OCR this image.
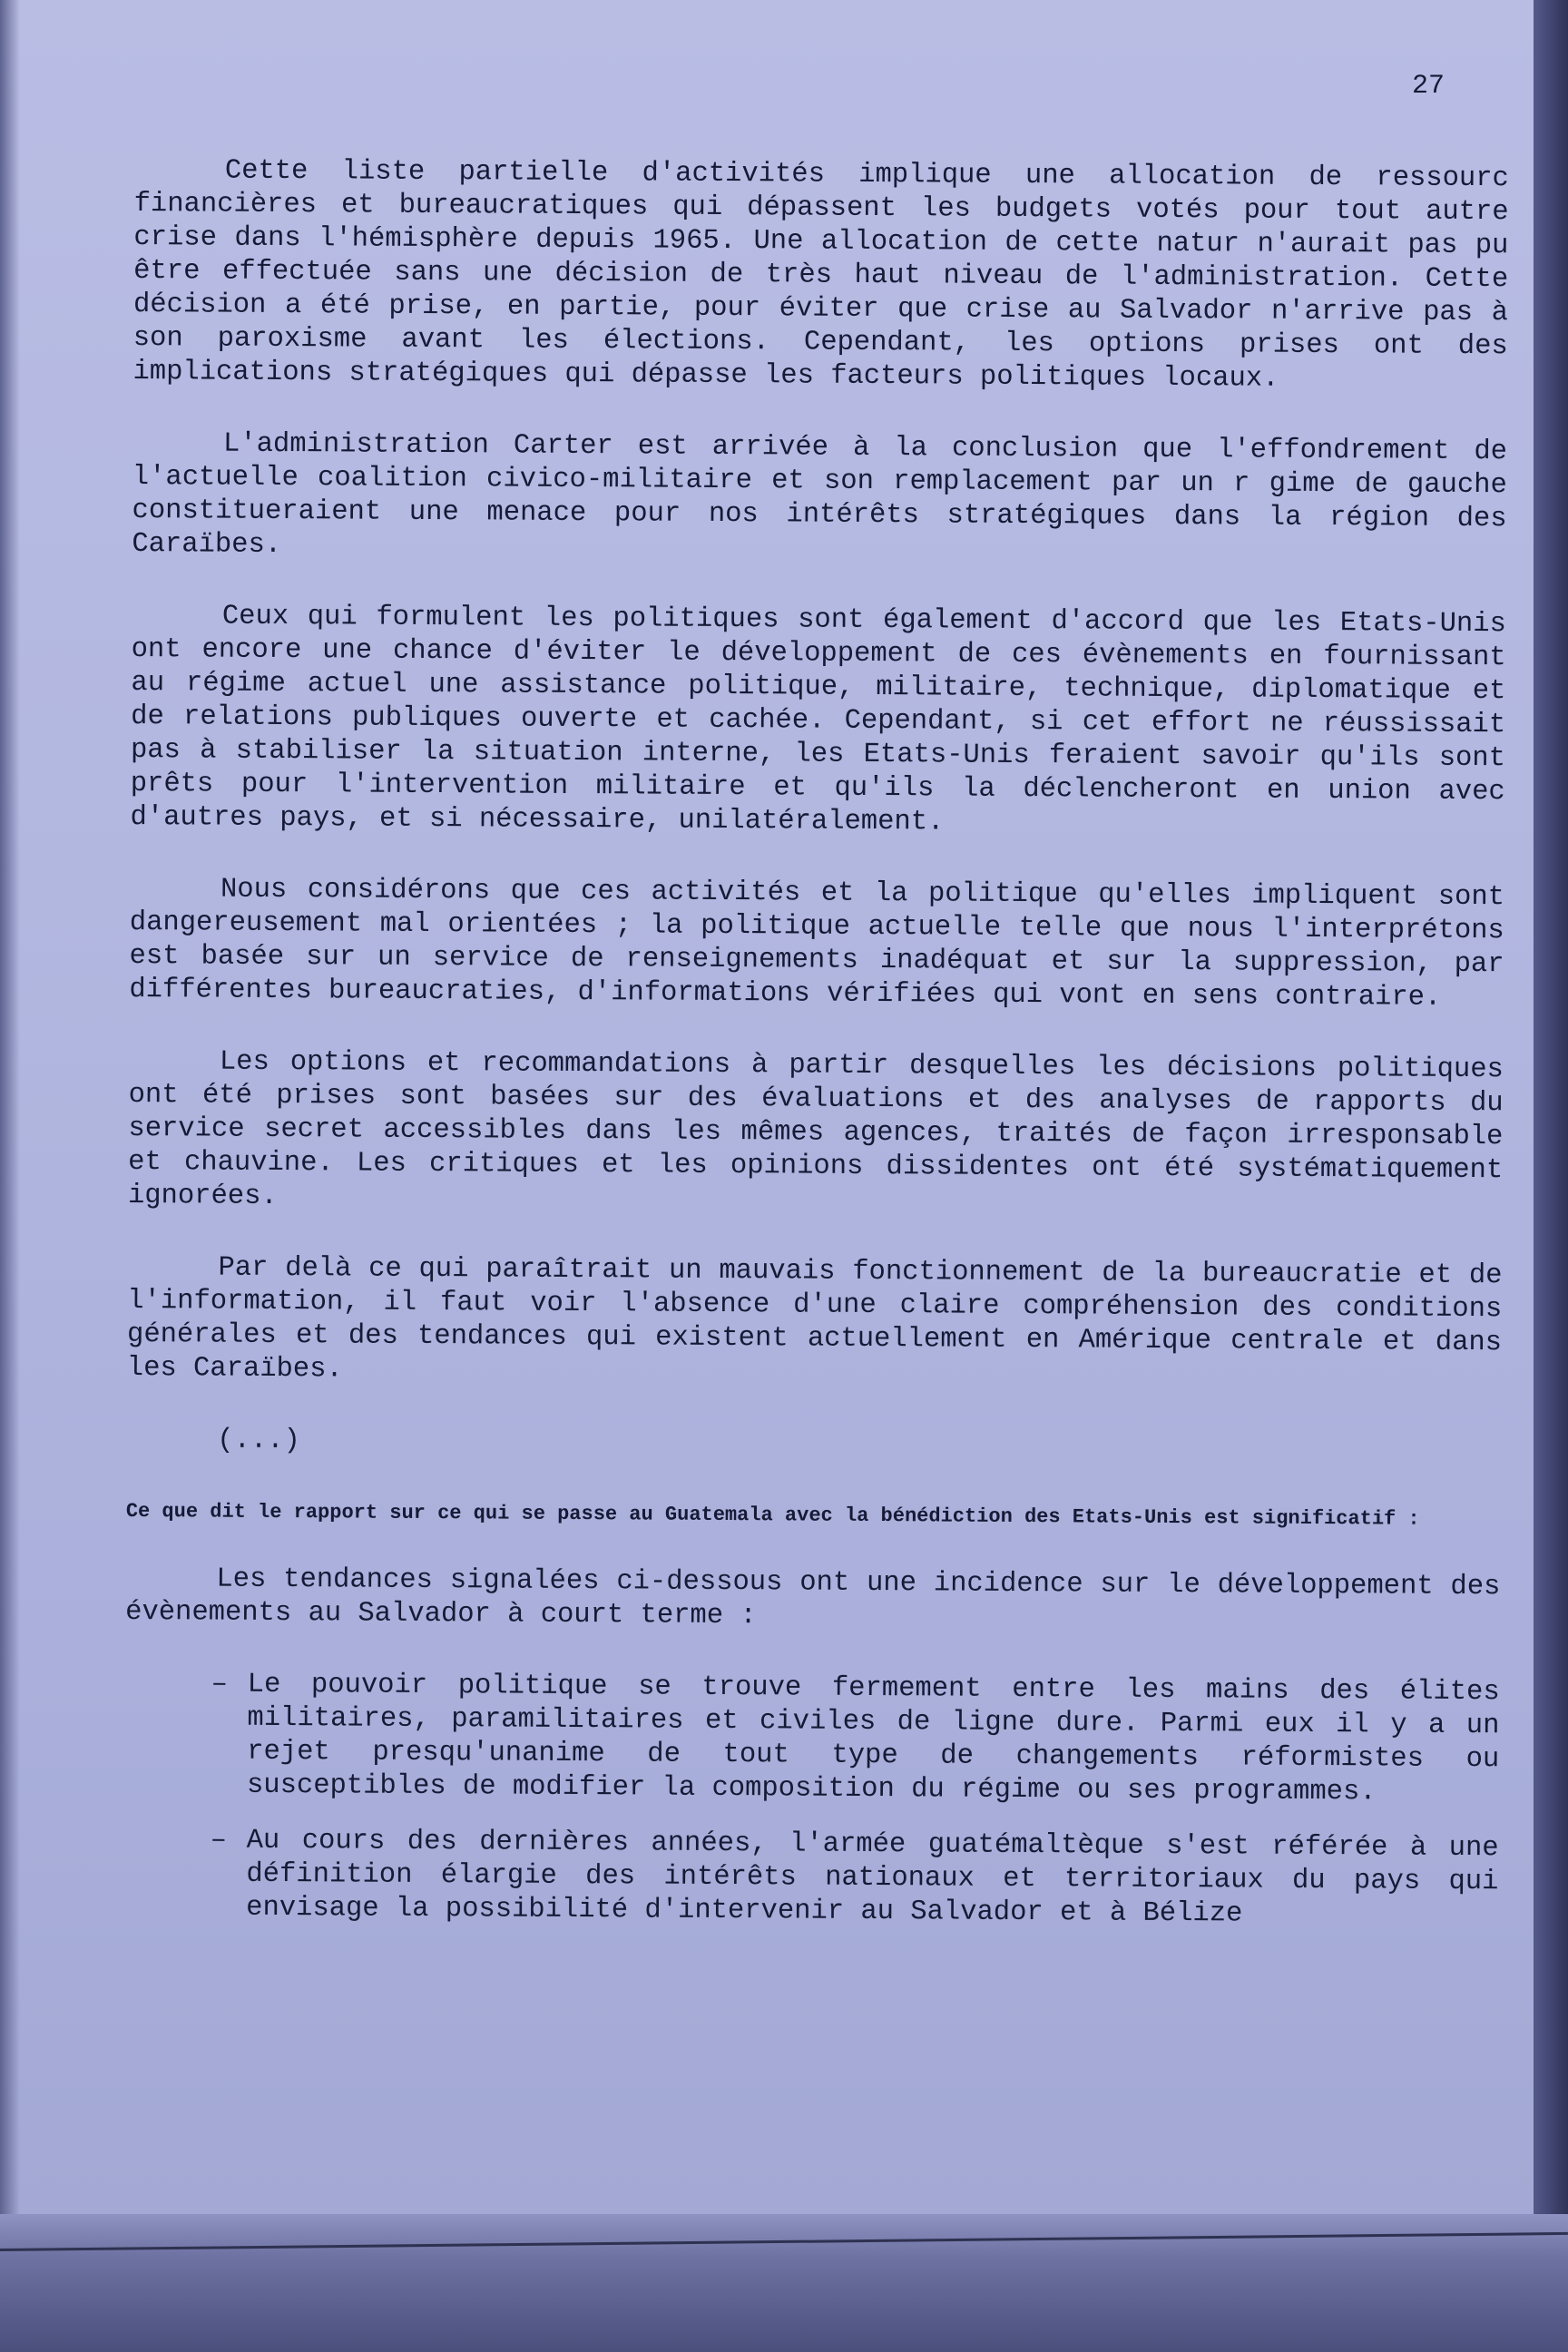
27

Cette liste partielle d'activités implique une allocation de ressourc financières et bureaucratiques qui dépassent les budgets votés pour tout autre crise dans l'hémisphère depuis 1965. Une allocation de cette natur n'aurait pas pu être effectuée sans une décision de très haut niveau de l'administration. Cette décision a été prise, en partie, pour éviter que crise au Salvador n'arrive pas à son paroxisme avant les élections. Cependant, les options prises ont des implications stratégiques qui dépasse les facteurs politiques locaux.

L'administration Carter est arrivée à la conclusion que l'effondrement de l'actuelle coalition civico-militaire et son remplacement par un r gime de gauche constitueraient une menace pour nos intérêts stratégiques dans la région des Caraïbes.

Ceux qui formulent les politiques sont également d'accord que les Etats-Unis ont encore une chance d'éviter le développement de ces évènements en fournissant au régime actuel une assistance politique, militaire, technique, diplomatique et de relations publiques ouverte et cachée. Cependant, si cet effort ne réussissait pas à stabiliser la situation interne, les Etats-Unis feraient savoir qu'ils sont prêts pour l'intervention militaire et qu'ils la déclencheront en union avec d'autres pays, et si nécessaire, unilatéralement.

Nous considérons que ces activités et la politique qu'elles impliquent sont dangereusement mal orientées ; la politique actuelle telle que nous l'interprétons est basée sur un service de renseignements inadéquat et sur la suppression, par différentes bureaucraties, d'informations vérifiées qui vont en sens contraire.

Les options et recommandations à partir desquelles les décisions politiques ont été prises sont basées sur des évaluations et des analyses de rapports du service secret accessibles dans les mêmes agences, traités de façon irresponsable et chauvine. Les critiques et les opinions dissidentes ont été systématiquement ignorées.

Par delà ce qui paraîtrait un mauvais fonctionnement de la bureaucratie et de l'information, il faut voir l'absence d'une claire compréhension des conditions générales et des tendances qui existent actuellement en Amérique centrale et dans les Caraïbes.

(...)

Ce que dit le rapport sur ce qui se passe au Guatemala avec la bénédiction des Etats-Unis est significatif :

Les tendances signalées ci-dessous ont une incidence sur le développement des évènements au Salvador à court terme :

– Le pouvoir politique se trouve fermement entre les mains des élites militaires, paramilitaires et civiles de ligne dure. Parmi eux il y a un rejet presqu'unanime de tout type de changements réformistes ou susceptibles de modifier la composition du régime ou ses programmes.
– Au cours des dernières années, l'armée guatémaltèque s'est référée à une définition élargie des intérêts nationaux et territoriaux du pays qui envisage la possibilité d'intervenir au Salvador et à Bélize
